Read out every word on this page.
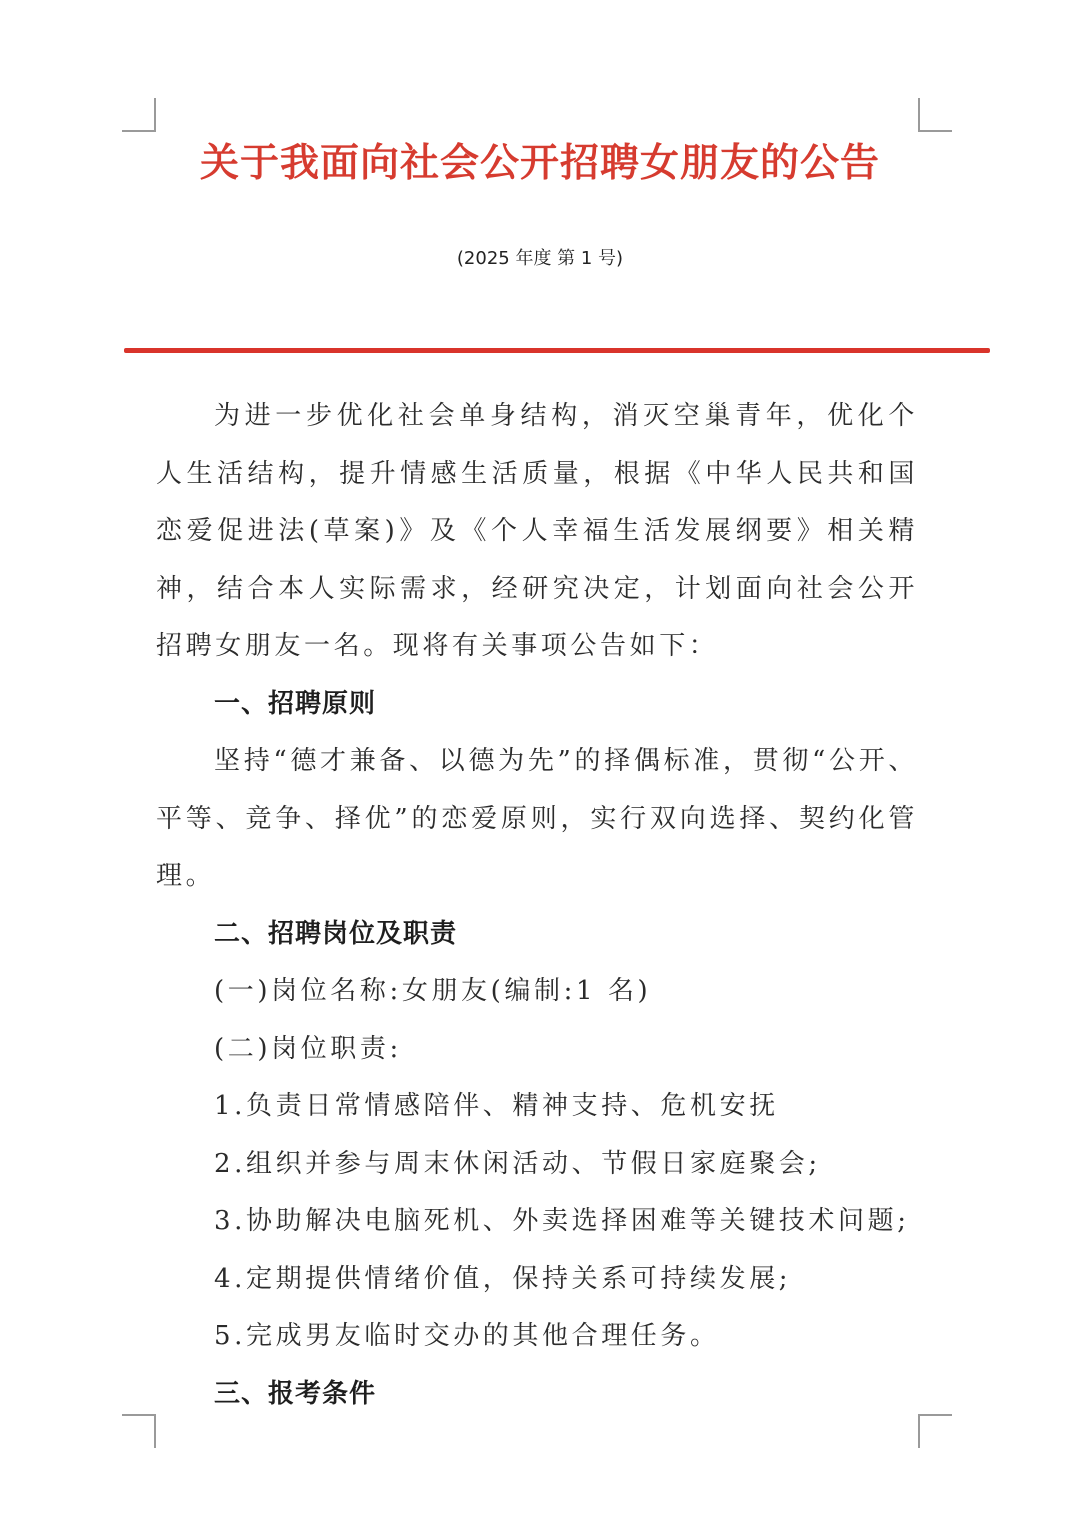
关于我面向社会公开招聘女朋友的公告
(2025 年度 第 1 号)

为进一步优化社会单身结构，消灭空巢青年，优化个人生活结构，提升情感生活质量，根据《中华人民共和国恋爱促进法(草案)》及《个人幸福生活发展纲要》相关精神，结合本人实际需求，经研究决定，计划面向社会公开招聘女朋友一名。现将有关事项公告如下：

一、招聘原则

坚持“德才兼备、以德为先”的择偶标准，贯彻“公开、平等、竞争、择优”的恋爱原则，实行双向选择、契约化管理。

二、招聘岗位及职责

(一)岗位名称:女朋友(编制:1 名)

(二)岗位职责:

1.负责日常情感陪伴、精神支持、危机安抚

2.组织并参与周末休闲活动、节假日家庭聚会;

3.协助解决电脑死机、外卖选择困难等关键技术问题;

4.定期提供情绪价值，保持关系可持续发展;

5.完成男友临时交办的其他合理任务。

三、报考条件
